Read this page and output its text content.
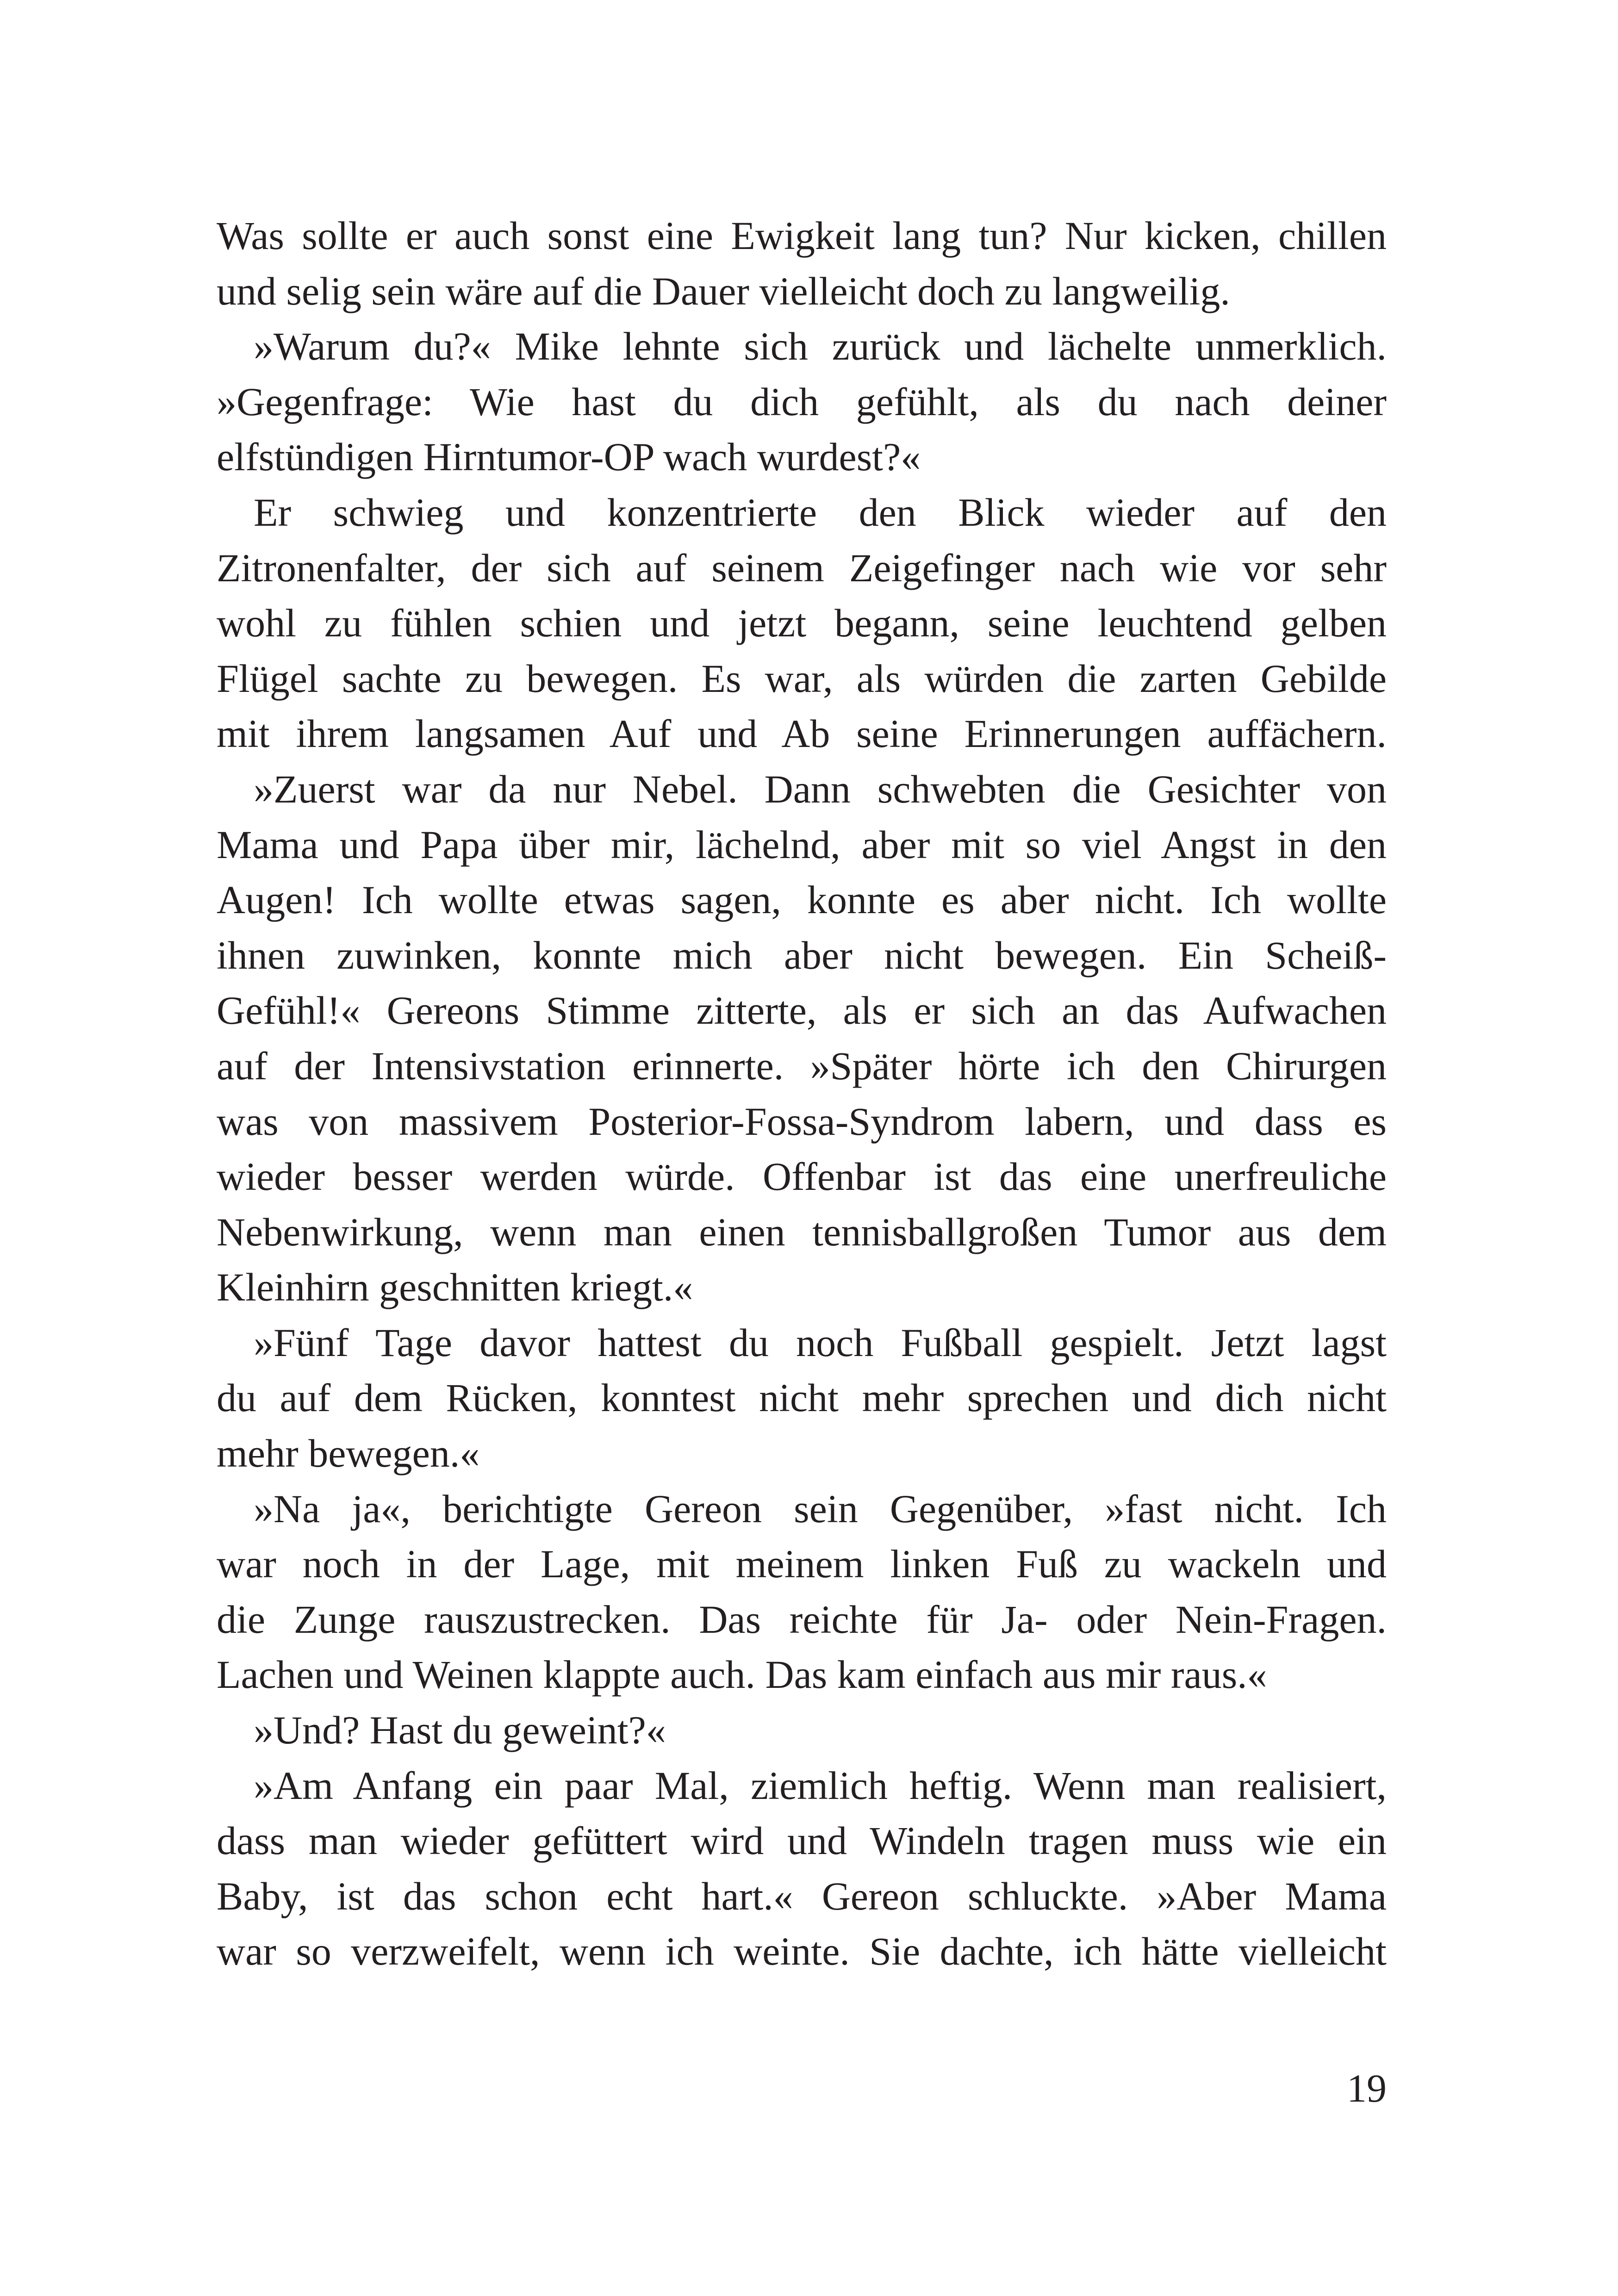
Was sollte er auch sonst eine Ewigkeit lang tun? Nur kicken, chillen
und selig sein wäre auf die Dauer vielleicht doch zu langweilig.
»Warum du?« Mike lehnte sich zurück und lächelte unmerklich.
»Gegenfrage: Wie hast du dich gefühlt, als du nach deiner
elfstündigen Hirntumor-OP wach wurdest?«
Er schwieg und konzentrierte den Blick wieder auf den
Zitronenfalter, der sich auf seinem Zeigefinger nach wie vor sehr
wohl zu fühlen schien und jetzt begann, seine leuchtend gelben
Flügel sachte zu bewegen. Es war, als würden die zarten Gebilde
mit ihrem langsamen Auf und Ab seine Erinnerungen auffächern.
»Zuerst war da nur Nebel. Dann schwebten die Gesichter von
Mama und Papa über mir, lächelnd, aber mit so viel Angst in den
Augen! Ich wollte etwas sagen, konnte es aber nicht. Ich wollte
ihnen zuwinken, konnte mich aber nicht bewegen. Ein Scheiß-
Gefühl!« Gereons Stimme zitterte, als er sich an das Aufwachen
auf der Intensivstation erinnerte. »Später hörte ich den Chirurgen
was von massivem Posterior-Fossa-Syndrom labern, und dass es
wieder besser werden würde. Offenbar ist das eine unerfreuliche
Nebenwirkung, wenn man einen tennisballgroßen Tumor aus dem
Kleinhirn geschnitten kriegt.«
»Fünf Tage davor hattest du noch Fußball gespielt. Jetzt lagst
du auf dem Rücken, konntest nicht mehr sprechen und dich nicht
mehr bewegen.«
»Na ja«, berichtigte Gereon sein Gegenüber, »fast nicht. Ich
war noch in der Lage, mit meinem linken Fuß zu wackeln und
die Zunge rauszustrecken. Das reichte für Ja- oder Nein-Fragen.
Lachen und Weinen klappte auch. Das kam einfach aus mir raus.«
»Und? Hast du geweint?«
»Am Anfang ein paar Mal, ziemlich heftig. Wenn man realisiert,
dass man wieder gefüttert wird und Windeln tragen muss wie ein
Baby, ist das schon echt hart.« Gereon schluckte. »Aber Mama
war so verzweifelt, wenn ich weinte. Sie dachte, ich hätte vielleicht
19
